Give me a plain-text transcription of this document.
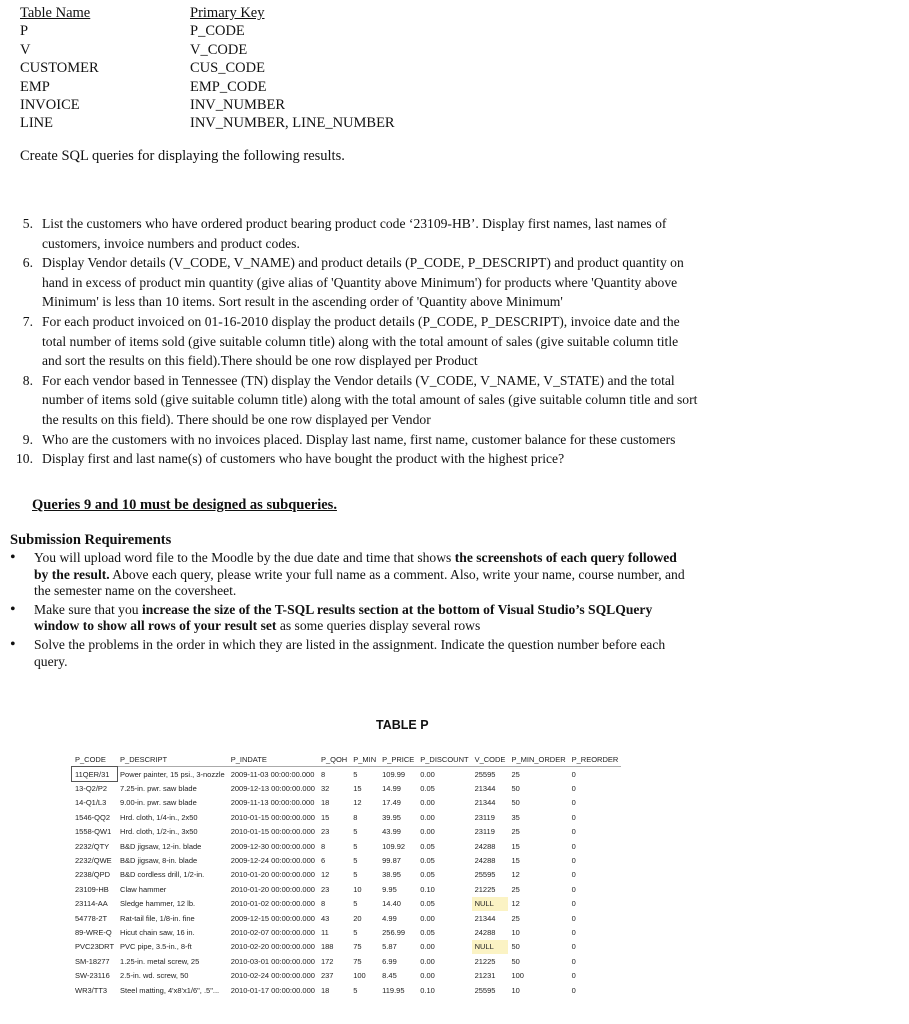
Table Name	Primary Key
P	P_CODE
V	V_CODE
CUSTOMER	CUS_CODE
EMP	EMP_CODE
INVOICE	INV_NUMBER
LINE	INV_NUMBER, LINE_NUMBER
Create SQL queries for displaying the following results.
5. List the customers who have ordered product bearing product code ‘23109-HB’. Display first names, last names of customers, invoice numbers and product codes.
6. Display Vendor details (V_CODE, V_NAME) and product details (P_CODE, P_DESCRIPT) and product quantity on hand in excess of product min quantity (give alias of 'Quantity above Minimum') for products where 'Quantity above Minimum' is less than 10 items. Sort result in the ascending order of 'Quantity above Minimum'
7. For each product invoiced on 01-16-2010 display the product details (P_CODE, P_DESCRIPT), invoice date and the total number of items sold (give suitable column title) along with the total amount of sales (give suitable column title and sort the results on this field).There should be one row displayed per Product
8. For each vendor based in Tennessee (TN) display the Vendor details (V_CODE, V_NAME, V_STATE) and the total number of items sold (give suitable column title) along with the total amount of sales (give suitable column title and sort the results on this field). There should be one row displayed per Vendor
9. Who are the customers with no invoices placed. Display last name, first name, customer balance for these customers
10. Display first and last name(s) of customers who have bought the product with the highest price?
Queries 9 and 10 must be designed as subqueries.
Submission Requirements
•	You will upload word file to the Moodle by the due date and time that shows the screenshots of each query followed by the result. Above each query, please write your full name as a comment. Also, write your name, course number, and the semester name on the coversheet.
•	Make sure that you increase the size of the T-SQL results section at the bottom of Visual Studio’s SQLQuery window to show all rows of your result set as some queries display several rows
•	Solve the problems in the order in which they are listed in the assignment. Indicate the question number before each query.
TABLE P
P_CODE	P_DESCRIPT	P_INDATE	P_QOH	P_MIN	P_PRICE	P_DISCOUNT	V_CODE	P_MIN_ORDER	P_REORDER
11QER/31	Power painter, 15 psi., 3-nozzle	2009-11-03 00:00:00.000	8	5	109.99	0.00	25595	25	0
13-Q2/P2	7.25-in. pwr. saw blade	2009-12-13 00:00:00.000	32	15	14.99	0.05	21344	50	0
14-Q1/L3	9.00-in. pwr. saw blade	2009-11-13 00:00:00.000	18	12	17.49	0.00	21344	50	0
1546-QQ2	Hrd. cloth, 1/4-in., 2x50	2010-01-15 00:00:00.000	15	8	39.95	0.00	23119	35	0
1558-QW1	Hrd. cloth, 1/2-in., 3x50	2010-01-15 00:00:00.000	23	5	43.99	0.00	23119	25	0
2232/QTY	B&D jigsaw, 12-in. blade	2009-12-30 00:00:00.000	8	5	109.92	0.05	24288	15	0
2232/QWE	B&D jigsaw, 8-in. blade	2009-12-24 00:00:00.000	6	5	99.87	0.05	24288	15	0
2238/QPD	B&D cordless drill, 1/2-in.	2010-01-20 00:00:00.000	12	5	38.95	0.05	25595	12	0
23109-HB	Claw hammer	2010-01-20 00:00:00.000	23	10	9.95	0.10	21225	25	0
23114-AA	Sledge hammer, 12 lb.	2010-01-02 00:00:00.000	8	5	14.40	0.05	NULL	12	0
54778-2T	Rat-tail file, 1/8-in. fine	2009-12-15 00:00:00.000	43	20	4.99	0.00	21344	25	0
89-WRE-Q	Hicut chain saw, 16 in.	2010-02-07 00:00:00.000	11	5	256.99	0.05	24288	10	0
PVC23DRT	PVC pipe, 3.5-in., 8-ft	2010-02-20 00:00:00.000	188	75	5.87	0.00	NULL	50	0
SM-18277	1.25-in. metal screw, 25	2010-03-01 00:00:00.000	172	75	6.99	0.00	21225	50	0
SW-23116	2.5-in. wd. screw, 50	2010-02-24 00:00:00.000	237	100	8.45	0.00	21231	100	0
WR3/TT3	Steel matting, 4'x8'x1/6", .5"...	2010-01-17 00:00:00.000	18	5	119.95	0.10	25595	10	0
